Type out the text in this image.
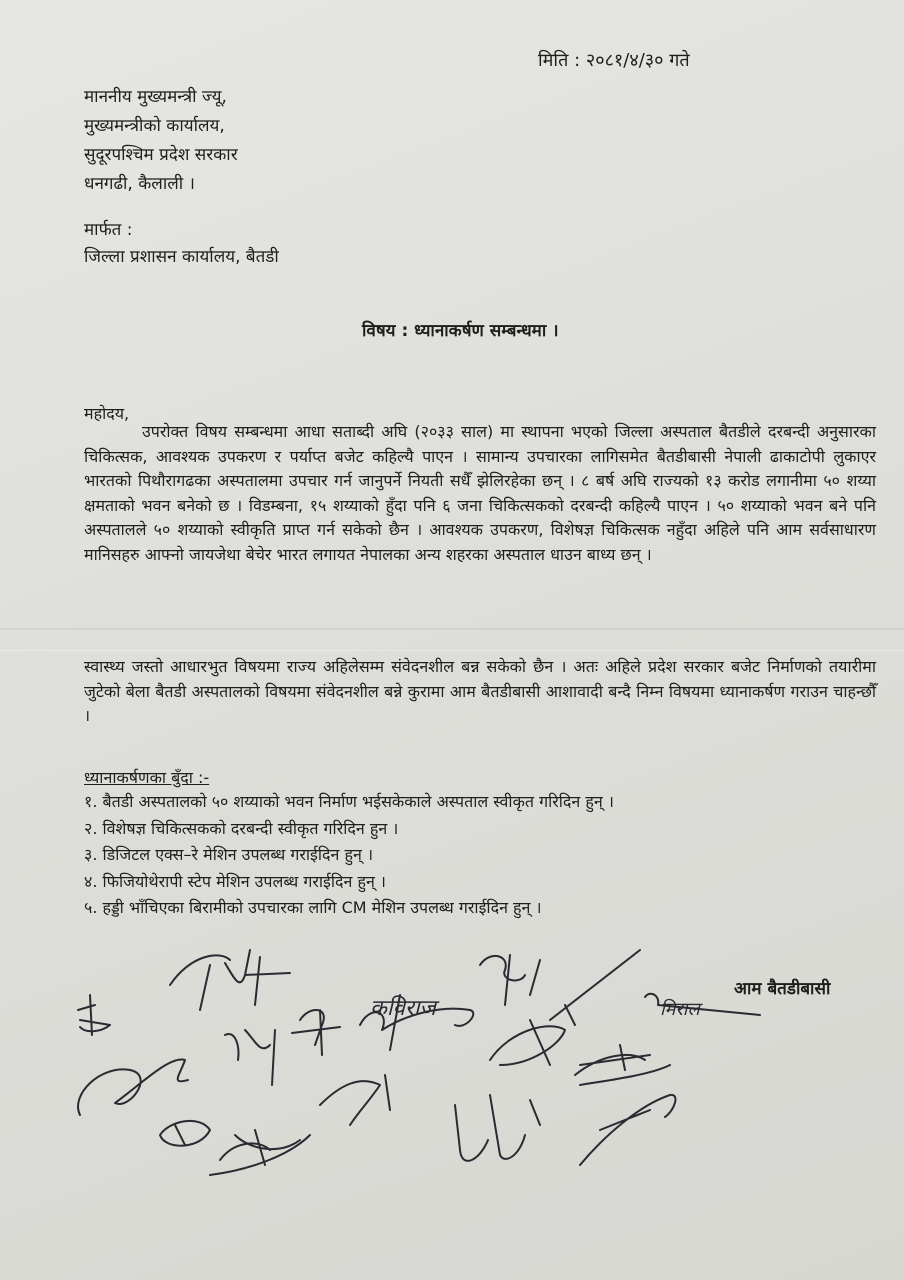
मिति : २०८१/४/३० गते
माननीय मुख्यमन्त्री ज्यू,
मुख्यमन्त्रीको कार्यालय,
सुदूरपश्चिम प्रदेश सरकार
धनगढी, कैलाली ।
मार्फत :
जिल्ला प्रशासन कार्यालय, बैतडी
विषय : ध्यानाकर्षण सम्बन्धमा ।
महोदय,

उपरोक्त विषय सम्बन्धमा आधा सताब्दी अघि (२०३३ साल) मा स्थापना भएको जिल्ला अस्पताल बैतडीले दरबन्दी अनुसारका चिकित्सक, आवश्यक उपकरण र पर्याप्त बजेट कहिल्यै पाएन । सामान्य उपचारका लागिसमेत बैतडीबासी नेपाली ढाकाटोपी लुकाएर भारतको पिथौरागढका अस्पतालमा उपचार गर्न जानुपर्ने नियती सधैँ झेलिरहेका छन् । ८ बर्ष अघि राज्यको १३ करोड लगानीमा ५० शय्या क्षमताको भवन बनेको छ । विडम्बना, १५ शय्याको हुँदा पनि ६ जना चिकित्सकको दरबन्दी कहिल्यै पाएन । ५० शय्याको भवन बने पनि अस्पतालले ५० शय्याको स्वीकृति प्राप्त गर्न सकेको छैन । आवश्यक उपकरण, विशेषज्ञ चिकित्सक नहुँदा अहिले पनि आम सर्वसाधारण मानिसहरु आफ्नो जायजेथा बेचेर भारत लगायत नेपालका अन्य शहरका अस्पताल धाउन बाध्य छन् ।

स्वास्थ्य जस्तो आधारभुत विषयमा राज्य अहिलेसम्म संवेदनशील बन्न सकेको छैन । अतः अहिले प्रदेश सरकार बजेट निर्माणको तयारीमा जुटेको बेला बैतडी अस्पतालको विषयमा संवेदनशील बन्ने कुरामा आम बैतडीबासी आशावादी बन्दै निम्न विषयमा ध्यानाकर्षण गराउन चाहन्छौँ ।

ध्यानाकर्षणका बुँदा :-
१. बैतडी अस्पतालको ५० शय्याको भवन निर्माण भईसकेकाले अस्पताल स्वीकृत गरिदिन हुन् ।
२. विशेषज्ञ चिकित्सकको दरबन्दी स्वीकृत गरिदिन हुन ।
३. डिजिटल एक्स–रे मेशिन उपलब्ध गराईदिन हुन् ।
४. फिजियोथेरापी स्टेप मेशिन उपलब्ध गराईदिन हुन् ।
५. हड्डी भाँचिएका बिरामीको उपचारका लागि CM मेशिन उपलब्ध गराईदिन हुन् ।
आम बैतडीबासी
कविराज	मिराल
